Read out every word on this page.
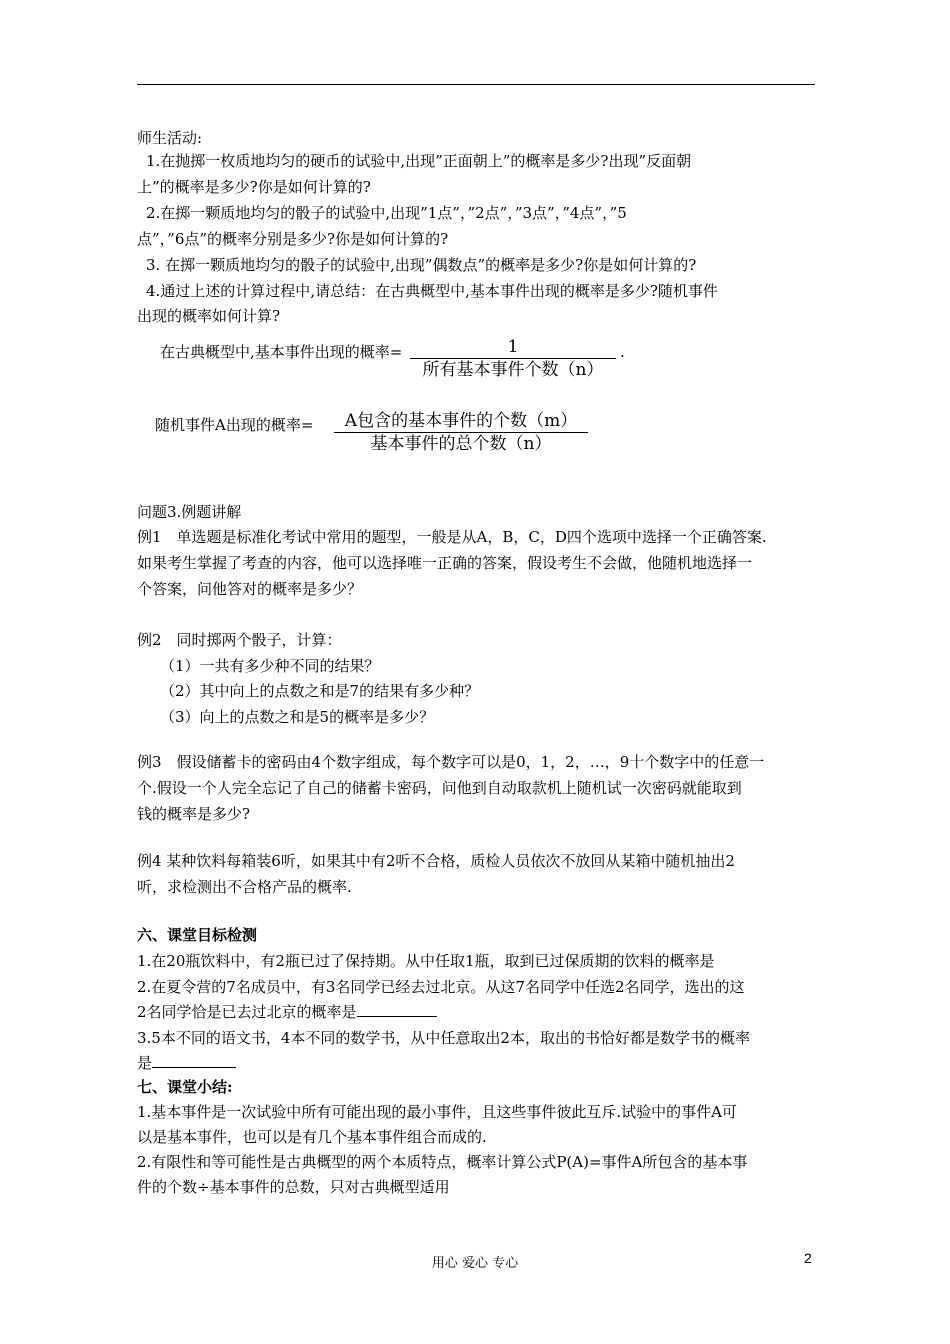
师生活动:
1.在抛掷一枚质地均匀的硬币的试验中,出现”正面朝上”的概率是多少?出现”反面朝
上”的概率是多少?你是如何计算的?
2.在掷一颗质地均匀的骰子的试验中,出现”1点”，”2点”，”3点”，”4点”，”5
点”，”6点”的概率分别是多少?你是如何计算的?
3. 在掷一颗质地均匀的骰子的试验中,出现”偶数点”的概率是多少?你是如何计算的?
4.通过上述的计算过程中,请总结：在古典概型中,基本事件出现的概率是多少?随机事件
出现的概率如何计算?
在古典概型中,基本事件出现的概率=	1
所有基本事件个数（n）
.
随机事件A出现的概率=	A包含的基本事件的个数（m）
基本事件的总个数（n）
问题3.例题讲解
例1　单选题是标准化考试中常用的题型，一般是从A，B，C，D四个选项中选择一个正确答案.
如果考生掌握了考查的内容，他可以选择唯一正确的答案，假设考生不会做，他随机地选择一
个答案，问他答对的概率是多少？
例2　同时掷两个骰子，计算：
（1）一共有多少种不同的结果？
（2）其中向上的点数之和是7的结果有多少种？
（3）向上的点数之和是5的概率是多少？
例3　假设储蓄卡的密码由4个数字组成，每个数字可以是0，1，2，…，9十个数字中的任意一
个.假设一个人完全忘记了自己的储蓄卡密码，问他到自动取款机上随机试一次密码就能取到
钱的概率是多少?
例4 某种饮料每箱装6听，如果其中有2听不合格，质检人员依次不放回从某箱中随机抽出2
听，求检测出不合格产品的概率.
六、课堂目标检测
1.在20瓶饮料中，有2瓶已过了保持期。从中任取1瓶，取到已过保质期的饮料的概率是
2.在夏令营的7名成员中，有3名同学已经去过北京。从这7名同学中任选2名同学，选出的这
2名同学恰是已去过北京的概率是
3.5本不同的语文书，4本不同的数学书，从中任意取出2本，取出的书恰好都是数学书的概率
是
七、课堂小结:
1.基本事件是一次试验中所有可能出现的最小事件，且这些事件彼此互斥.试验中的事件A可
以是基本事件，也可以是有几个基本事件组合而成的.
2.有限性和等可能性是古典概型的两个本质特点，概率计算公式P(A)=事件A所包含的基本事
件的个数÷基本事件的总数，只对古典概型适用
用心 爱心 专心	2
